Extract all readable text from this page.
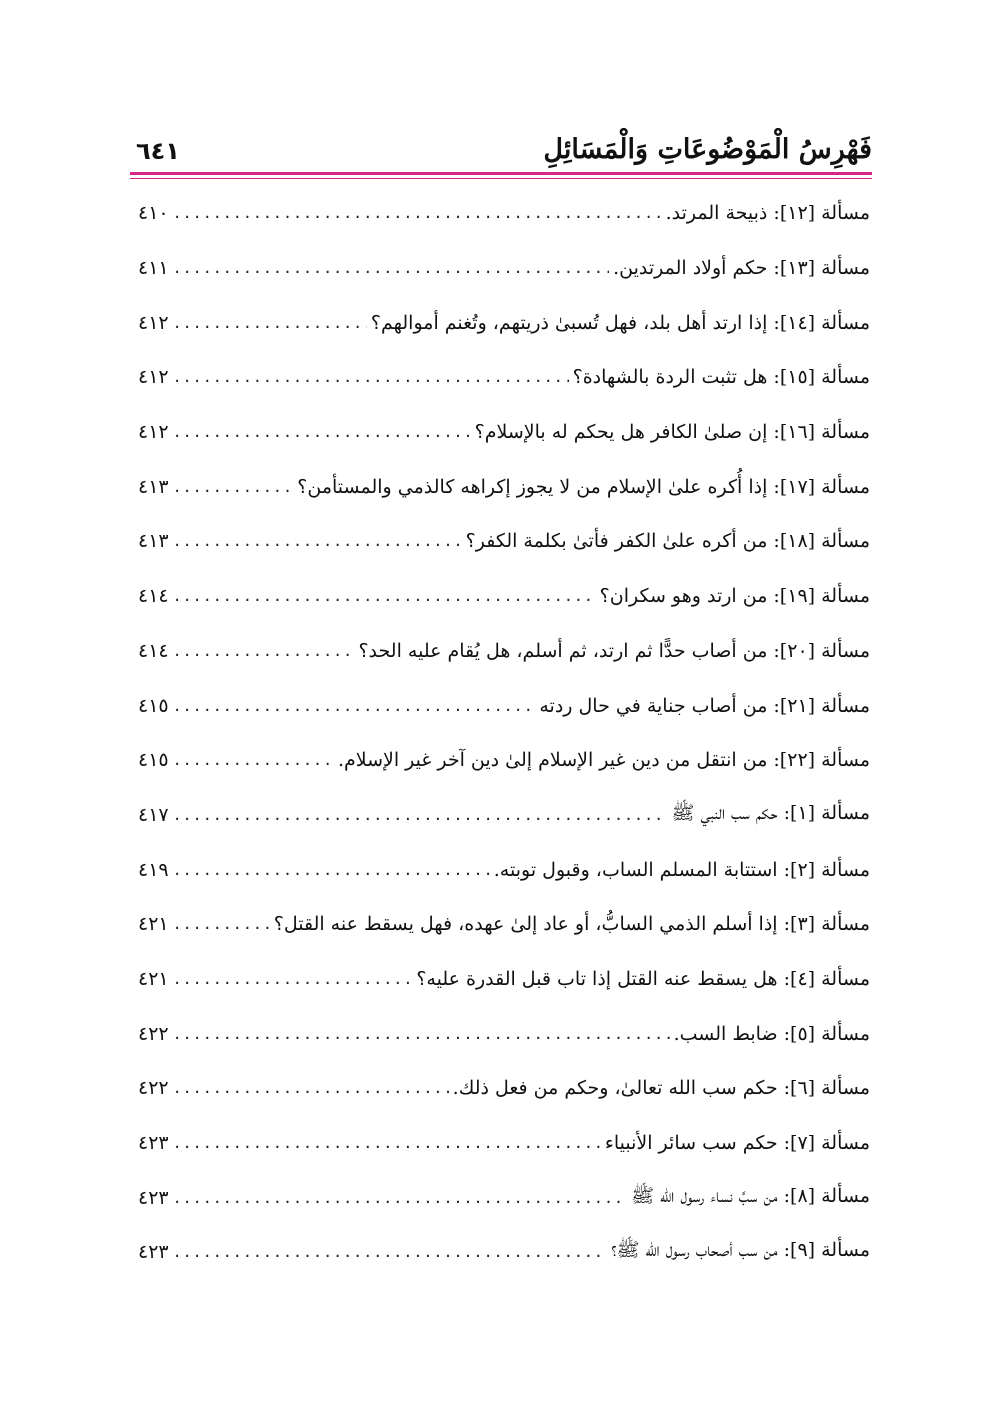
فَهْرِسُ الْمَوْضُوعَاتِ وَالْمَسَائِلِ
٦٤١
مسألة [١٢]: ذبيحة المرتد.
.....
٤١٠
مسألة [١٣]: حكم أولاد المرتدين.
.....
٤١١
مسألة [١٤]: إذا ارتد أهل بلد، فهل تُسبىٰ ذريتهم، وتُغنم أموالهم؟
.....
٤١٢
مسألة [١٥]: هل تثبت الردة بالشهادة؟
.....
٤١٢
مسألة [١٦]: إن صلىٰ الكافر هل يحكم له بالإسلام؟
.....
٤١٢
مسألة [١٧]: إذا أُكره علىٰ الإسلام من لا يجوز إكراهه كالذمي والمستأمن؟
.....
٤١٣
مسألة [١٨]: من أكره علىٰ الكفر فأتىٰ بكلمة الكفر؟
.....
٤١٣
مسألة [١٩]: من ارتد وهو سكران؟
.....
٤١٤
مسألة [٢٠]: من أصاب حدًّا ثم ارتد، ثم أسلم، هل يُقام عليه الحد؟
.....
٤١٤
مسألة [٢١]: من أصاب جناية في حال ردته
.....
٤١٥
مسألة [٢٢]: من انتقل من دين غير الإسلام إلىٰ دين آخر غير الإسلام.
.....
٤١٥
مسألة [١]: حكم سب النبي ﷺ
.....
٤١٧
مسألة [٢]: استتابة المسلم الساب، وقبول توبته.
.....
٤١٩
مسألة [٣]: إذا أسلم الذمي السابُّ، أو عاد إلىٰ عهده، فهل يسقط عنه القتل؟
.....
٤٢١
مسألة [٤]: هل يسقط عنه القتل إذا تاب قبل القدرة عليه؟
.....
٤٢١
مسألة [٥]: ضابط السب.
.....
٤٢٢
مسألة [٦]: حكم سب الله تعالىٰ، وحكم من فعل ذلك.
.....
٤٢٢
مسألة [٧]: حكم سب سائر الأنبياء
.....
٤٢٣
مسألة [٨]: من سبَّ نساء رسول الله ﷺ
.....
٤٢٣
مسألة [٩]: من سب أصحاب رسول الله ﷺ؟
.....
٤٢٣
